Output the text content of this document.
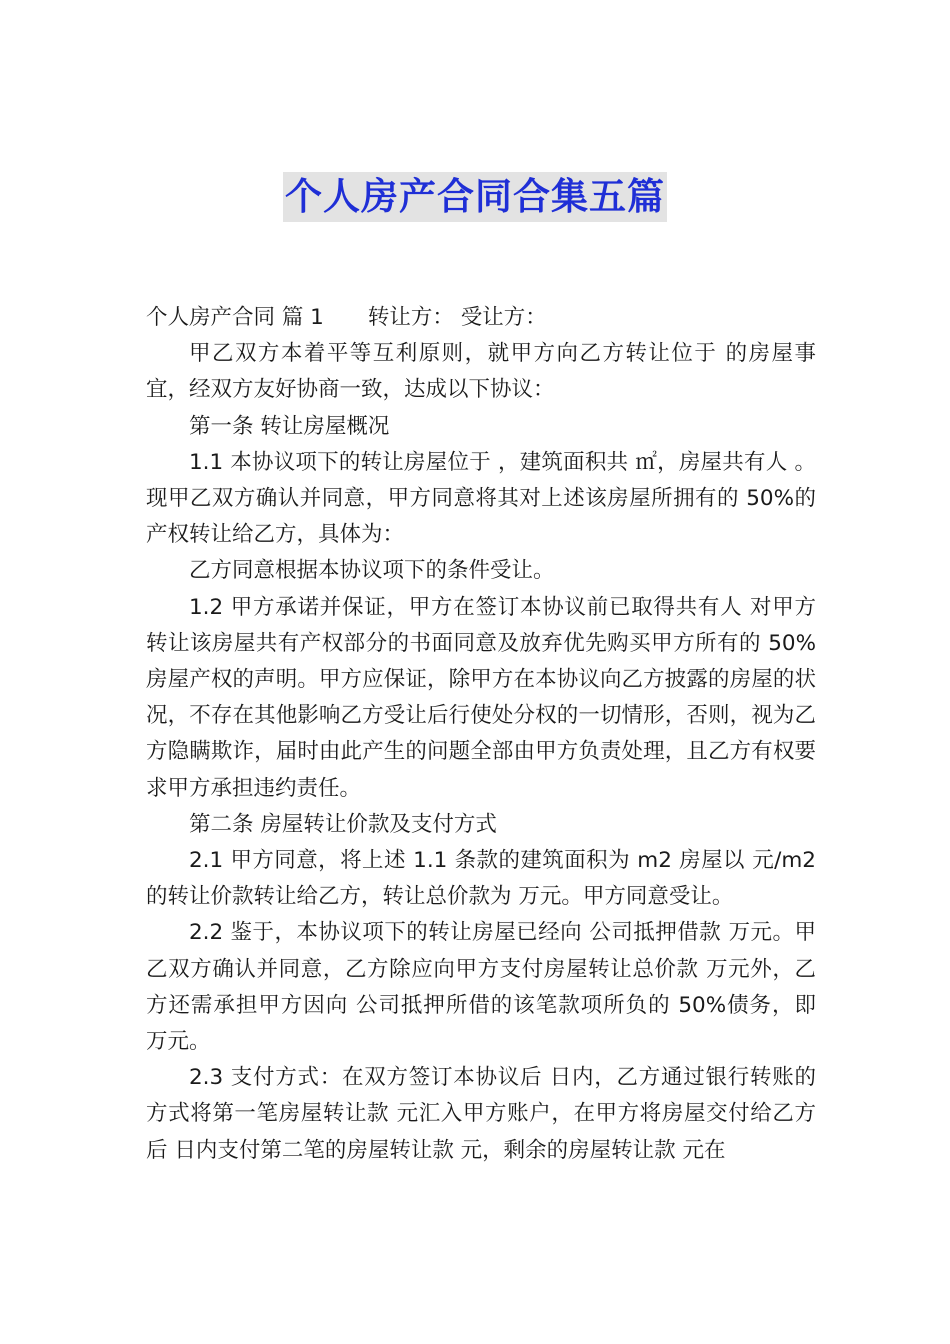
个人房产合同合集五篇

个人房产合同 篇 1 转让方： 受让方：

甲乙双方本着平等互利原则，就甲方向乙方转让位于 的房屋事宜，经双方友好协商一致，达成以下协议：

第一条 转让房屋概况

1.1 本协议项下的转让房屋位于 ，建筑面积共 ㎡，房屋共有人 。现甲乙双方确认并同意，甲方同意将其对上述该房屋所拥有的 50%的产权转让给乙方，具体为：

乙方同意根据本协议项下的条件受让。

1.2 甲方承诺并保证，甲方在签订本协议前已取得共有人 对甲方转让该房屋共有产权部分的书面同意及放弃优先购买甲方所有的 50%房屋产权的声明。甲方应保证，除甲方在本协议向乙方披露的房屋的状况，不存在其他影响乙方受让后行使处分权的一切情形，否则，视为乙方隐瞒欺诈，届时由此产生的问题全部由甲方负责处理，且乙方有权要求甲方承担违约责任。

第二条 房屋转让价款及支付方式

2.1 甲方同意，将上述 1.1 条款的建筑面积为 m2 房屋以 元/m2 的转让价款转让给乙方，转让总价款为 万元。甲方同意受让。

2.2 鉴于，本协议项下的转让房屋已经向 公司抵押借款 万元。甲乙双方确认并同意，乙方除应向甲方支付房屋转让总价款 万元外，乙方还需承担甲方因向 公司抵押所借的该笔款项所负的 50%债务，即 万元。

2.3 支付方式：在双方签订本协议后 日内，乙方通过银行转账的方式将第一笔房屋转让款 元汇入甲方账户，在甲方将房屋交付给乙方后 日内支付第二笔的房屋转让款 元，剩余的房屋转让款 元在
